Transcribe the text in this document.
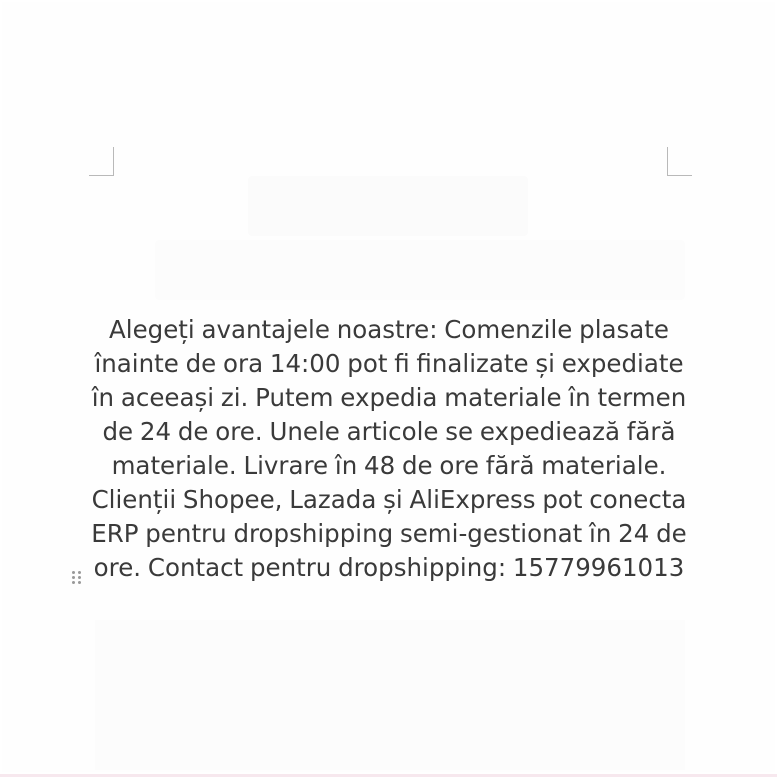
Alegeți avantajele noastre: Comenzile plasate înainte de ora 14:00 pot fi finalizate și expediate în aceeași zi. Putem expedia materiale în termen de 24 de ore. Unele articole se expediează fără materiale. Livrare în 48 de ore fără materiale. Clienții Shopee, Lazada și AliExpress pot conecta ERP pentru dropshipping semi-gestionat în 24 de ore. Contact pentru dropshipping: 15779961013
